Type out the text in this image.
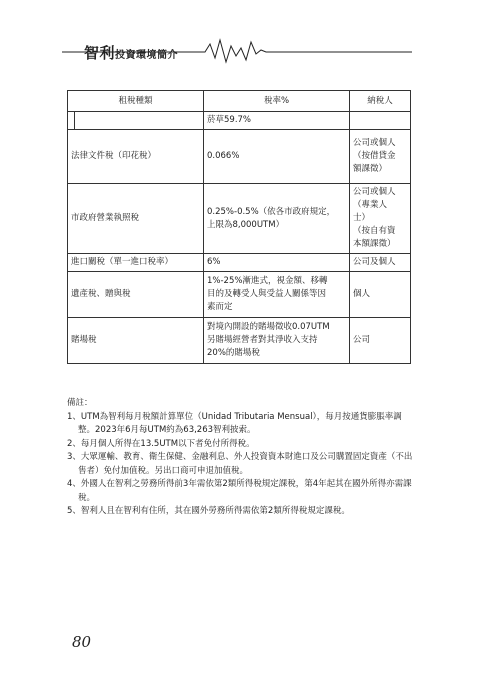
智利投資環境簡介
租稅種類		稅率%	納稅人
		菸草59.7%	
法律文件稅（印花稅）		0.066%	公司或個人
（按借貸金
額課徵）
市政府營業執照稅		0.25%-0.5%（依各市政府規定，
上限為8,000UTM）	公司或個人
（專業人
士）
（按自有資
本額課徵）
進口關稅（單一進口稅率）		6%	公司及個人
遺產稅、贈與稅		1%-25%漸進式，視金額、移轉
目的及轉受人與受益人關係等因
素而定	個人
賭場稅		對境內開設的賭場徵收0.07UTM
另賭場經營者對其淨收入支持
20%的賭場稅	公司
備註：
1、UTM為智利每月稅額計算單位（Unidad Tributaria Mensual），每月按通貨膨脹率調整。2023年6月每UTM約為63,263智利披索。
2、每月個人所得在13.5UTM以下者免付所得稅。
3、大眾運輸、教育、衛生保健、金融利息、外人投資資本財進口及公司購置固定資產（不出售者）免付加值稅。另出口商可申退加值稅。
4、外國人在智利之勞務所得前3年需依第2類所得稅規定課稅，第4年起其在國外所得亦需課稅。
5、智利人且在智利有住所，其在國外勞務所得需依第2類所得稅規定課稅。
80
